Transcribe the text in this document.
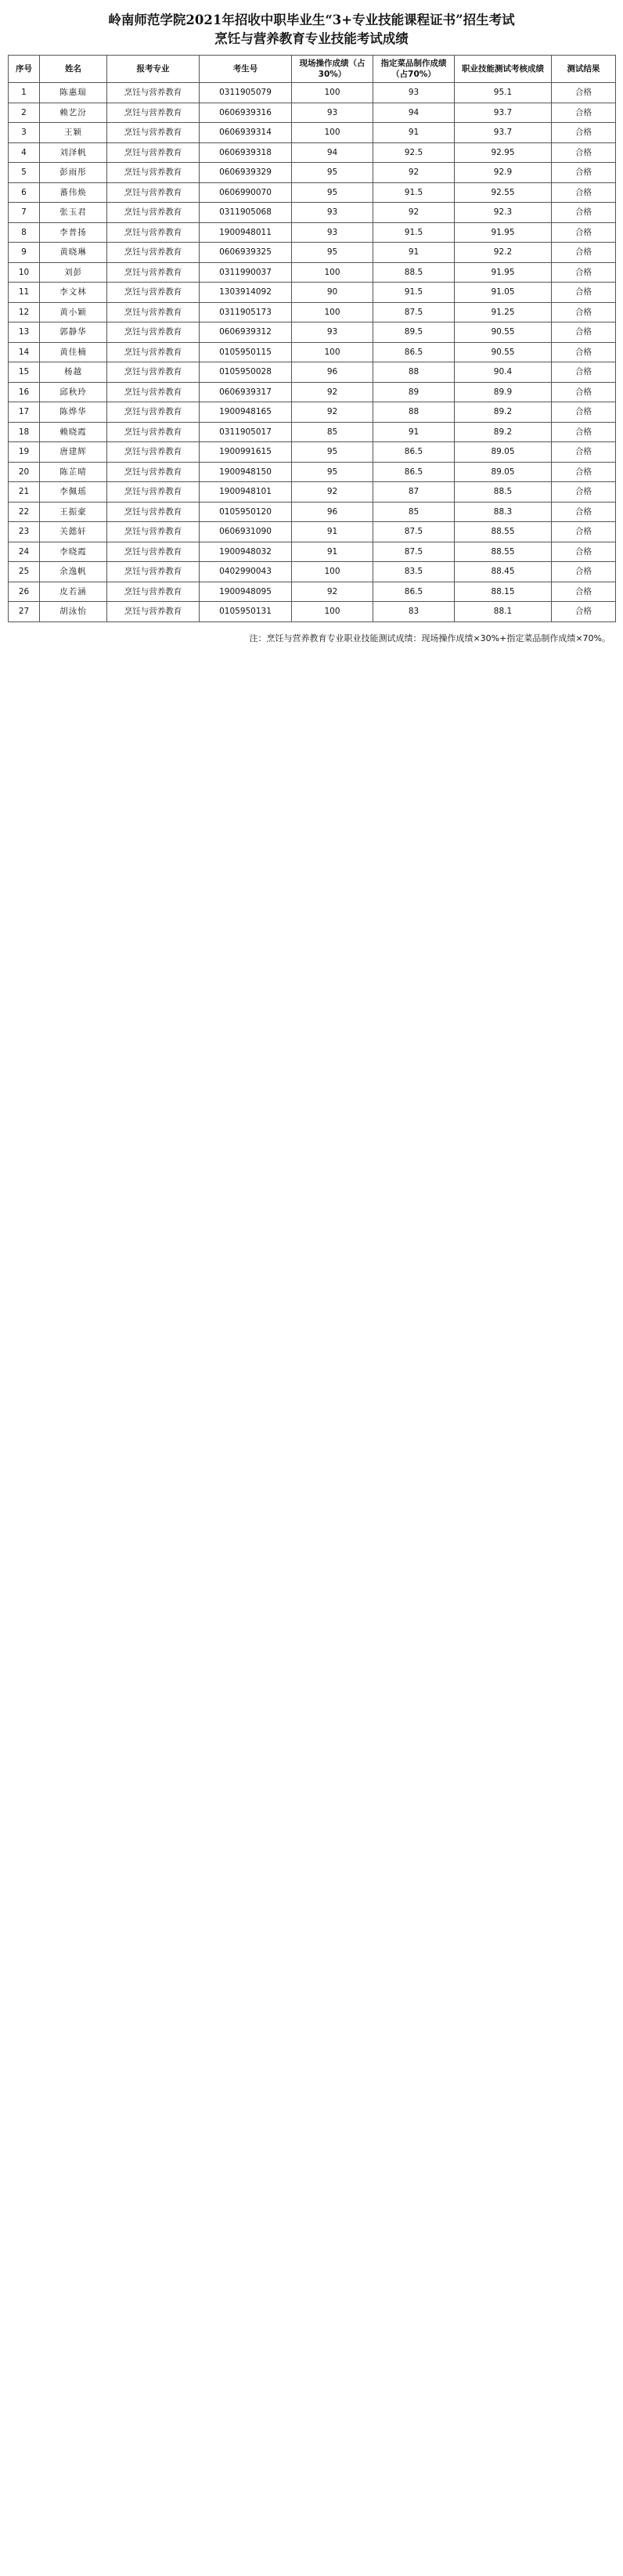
岭南师范学院2021年招收中职毕业生“3+专业技能课程证书”招生考试
烹饪与营养教育专业技能考试成绩
序号	姓名	报考专业	考生号	现场操作成绩（占30%）	指定菜品制作成绩（占70%）	职业技能测试考核成绩	测试结果
1	陈惠瑞	烹饪与营养教育	0311905079	100	93	95.1	合格
2	赖艺汾	烹饪与营养教育	0606939316	93	94	93.7	合格
3	王颖	烹饪与营养教育	0606939314	100	91	93.7	合格
4	刘泽帆	烹饪与营养教育	0606939318	94	92.5	92.95	合格
5	彭雨彤	烹饪与营养教育	0606939329	95	92	92.9	合格
6	蕃伟焕	烹饪与营养教育	0606990070	95	91.5	92.55	合格
7	张玉君	烹饪与营养教育	0311905068	93	92	92.3	合格
8	李普扬	烹饪与营养教育	1900948011	93	91.5	91.95	合格
9	黄晓琳	烹饪与营养教育	0606939325	95	91	92.2	合格
10	刘彭	烹饪与营养教育	0311990037	100	88.5	91.95	合格
11	李文林	烹饪与营养教育	1303914092	90	91.5	91.05	合格
12	黄小颖	烹饪与营养教育	0311905173	100	87.5	91.25	合格
13	郭静华	烹饪与营养教育	0606939312	93	89.5	90.55	合格
14	黄佳楠	烹饪与营养教育	0105950115	100	86.5	90.55	合格
15	杨越	烹饪与营养教育	0105950028	96	88	90.4	合格
16	邱秋玲	烹饪与营养教育	0606939317	92	89	89.9	合格
17	陈烨华	烹饪与营养教育	1900948165	92	88	89.2	合格
18	赖晓霞	烹饪与营养教育	0311905017	85	91	89.2	合格
19	唐建辉	烹饪与营养教育	1900991615	95	86.5	89.05	合格
20	陈芷晴	烹饪与营养教育	1900948150	95	86.5	89.05	合格
21	李佩瑶	烹饪与营养教育	1900948101	92	87	88.5	合格
22	王振豪	烹饪与营养教育	0105950120	96	85	88.3	合格
23	关懿轩	烹饪与营养教育	0606931090	91	87.5	88.55	合格
24	李晓霞	烹饪与营养教育	1900948032	91	87.5	88.55	合格
25	余逸帆	烹饪与营养教育	0402990043	100	83.5	88.45	合格
26	皮若涵	烹饪与营养教育	1900948095	92	86.5	88.15	合格
27	胡泳怡	烹饪与营养教育	0105950131	100	83	88.1	合格
注：烹饪与营养教育专业职业技能测试成绩：现场操作成绩×30%+指定菜品制作成绩×70%。
